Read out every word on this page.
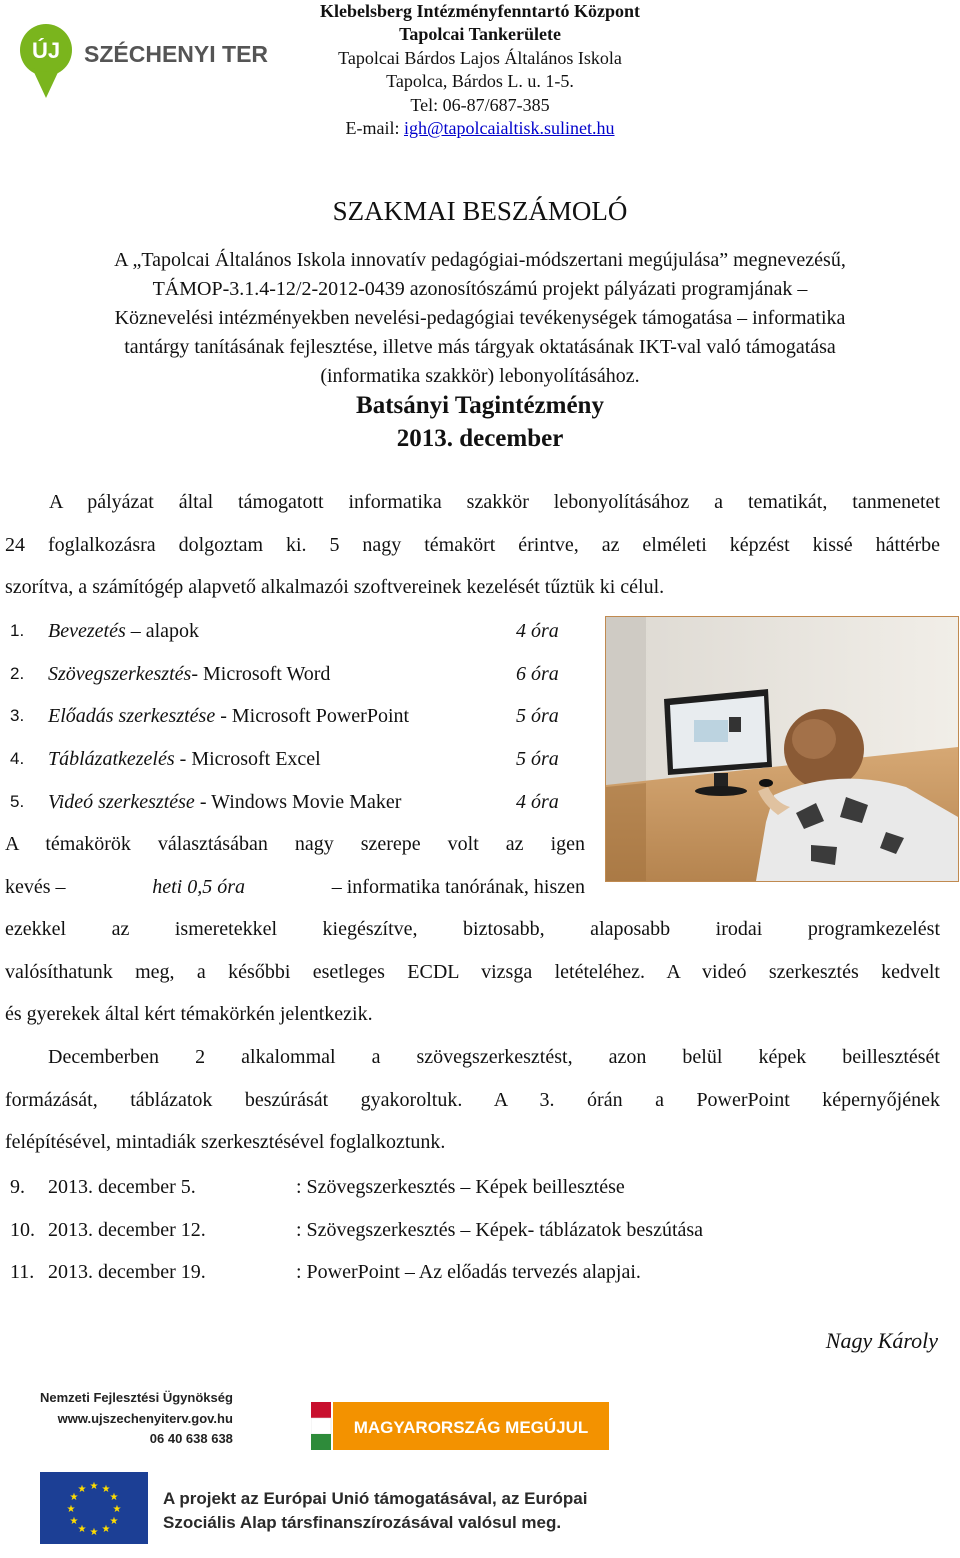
ÚJ SZÉCHENYI TERV
Klebelsberg Intézményfenntartó Központ
Tapolcai Tankerülete
Tapolcai Bárdos Lajos Általános Iskola
Tapolca, Bárdos L. u. 1-5.
Tel: 06-87/687-385
E-mail: igh@tapolcaialtisk.sulinet.hu
SZAKMAI BESZÁMOLÓ
A „Tapolcai Általános Iskola innovatív pedagógiai-módszertani megújulása” megnevezésű,
TÁMOP-3.1.4-12/2-2012-0439 azonosítószámú projekt pályázati programjának –
Köznevelési intézményekben nevelési-pedagógiai tevékenységek támogatása – informatika
tantárgy tanításának fejlesztése, illetve más tárgyak oktatásának IKT-val való támogatása
(informatika szakkör) lebonyolításához.
Batsányi Tagintézmény
2013. december
A pályázat által támogatott informatika szakkör lebonyolításához a tematikát, tanmenetet
24 foglalkozásra dolgoztam ki. 5 nagy témakört érintve, az elméleti képzést kissé háttérbe
szorítva, a számítógép alapvető alkalmazói szoftvereinek kezelését tűztük ki célul.
1. Bevezetés – alapok	4 óra
2. Szövegszerkesztés- Microsoft Word	6 óra
3. Előadás szerkesztése - Microsoft PowerPoint	5 óra
4. Táblázatkezelés - Microsoft Excel	5 óra
5. Videó szerkesztése - Windows Movie Maker	4 óra
A témakörök választásában nagy szerepe volt az igen
kevés –	heti 0,5 óra	– informatika tanórának, hiszen
ezekkel az ismeretekkel kiegészítve, biztosabb, alaposabb irodai programkezelést
valósíthatunk meg, a későbbi esetleges ECDL vizsga letételéhez. A videó szerkesztés kedvelt
és gyerekek által kért témakörkén jelentkezik.
Decemberben 2 alkalommal a szövegszerkesztést, azon belül képek beillesztését
formázását, táblázatok beszúrását gyakoroltuk. A 3. órán a PowerPoint képernyőjének
felépítésével, mintadiák szerkesztésével foglalkoztunk.
9. 2013. december 5.	: Szövegszerkesztés – Képek beillesztése
10. 2013. december 12.	: Szövegszerkesztés – Képek- táblázatok beszútása
11. 2013. december 19.	: PowerPoint – Az előadás tervezés alapjai.
Nagy Károly
Nemzeti Fejlesztési Ügynökség
www.ujszechenyiterv.gov.hu
06 40 638 638
MAGYARORSZÁG MEGÚJUL
★ ★
★
★
★
★
★
★
★
★
★
★	A projekt az Európai Unió támogatásával, az Európai
Szociális Alap társfinanszírozásával valósul meg.
